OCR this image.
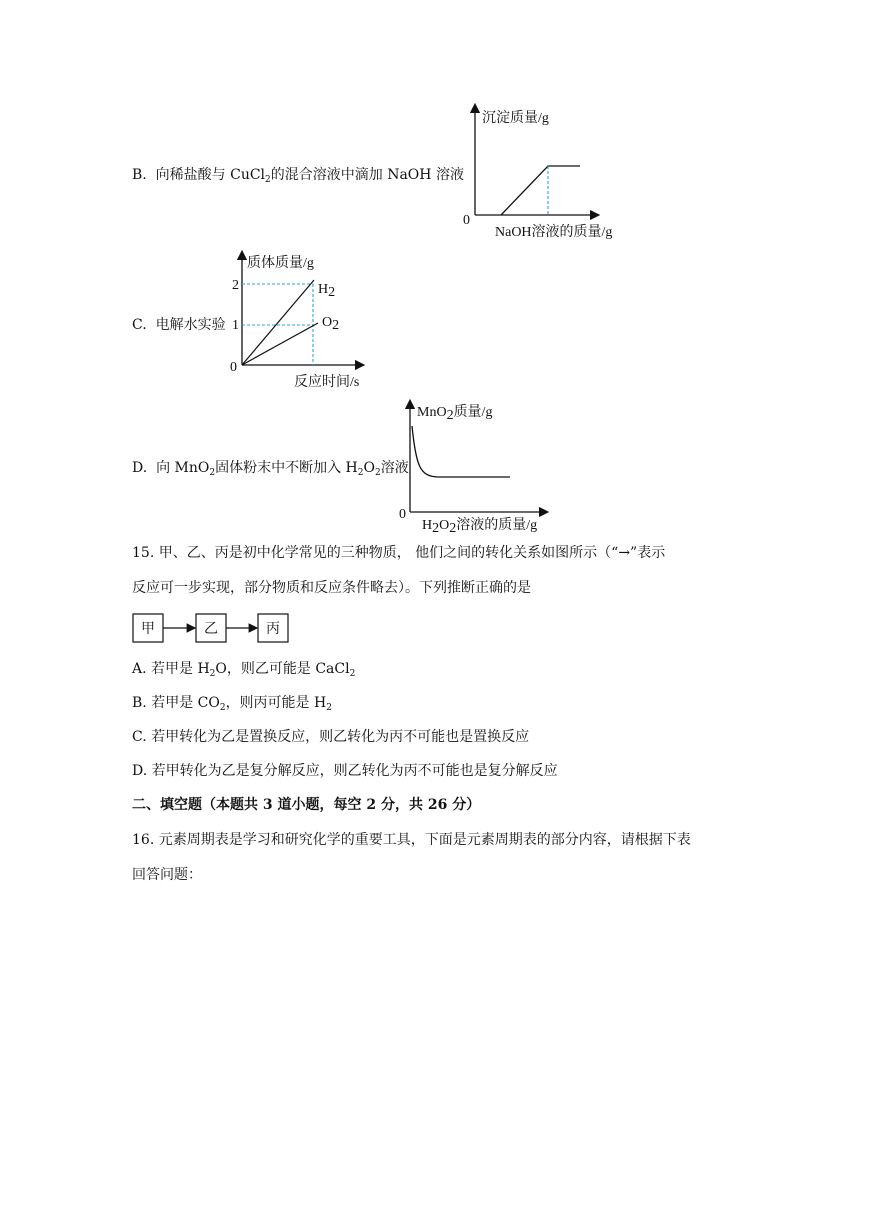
B. 向稀盐酸与 CuCl$_2$的混合溶液中滴加 NaOH 溶液
沉淀质量/g
0
NaOH溶液的质量/g
C. 电解水实验
质体质量/g
2
1
0
H2
O2
反应时间/s
D. 向 MnO$_2$固体粉末中不断加入 $H_2O_2$溶液
MnO2质量/g
0
H2O2溶液的质量/g
15. 甲、乙、丙是初中化学常见的三种物质， 他们之间的转化关系如图所示（“→”表示
反应可一步实现，部分物质和反应条件略去）。下列推断正确的是
甲	乙	丙
A. 若甲是 $H_2O$，则乙可能是 CaCl$_2$
B. 若甲是 $CO_2$，则丙可能是 $H_2$
C. 若甲转化为乙是置换反应，则乙转化为丙不可能也是置换反应
D. 若甲转化为乙是复分解反应，则乙转化为丙不可能也是复分解反应
二、填空题（本题共 3 道小题，每空 2 分，共 26 分）
16. 元素周期表是学习和研究化学的重要工具，下面是元素周期表的部分内容，请根据下表
回答问题：
